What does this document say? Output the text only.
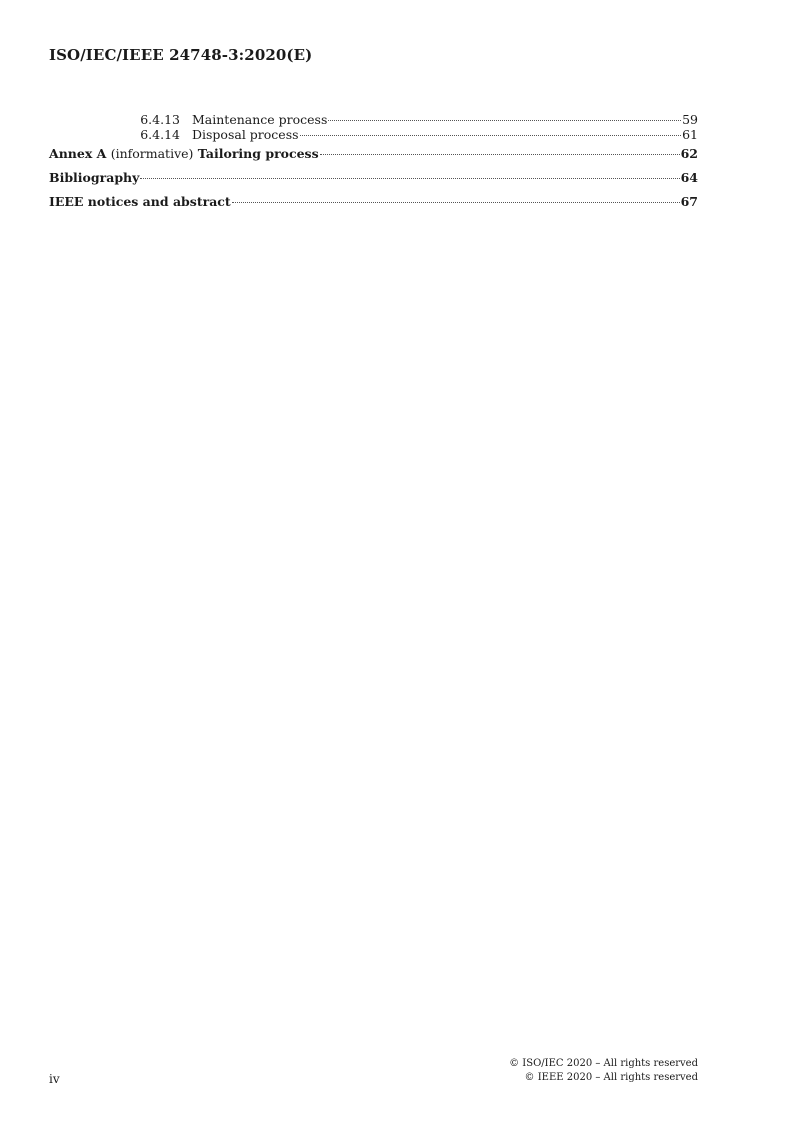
ISO/IEC/IEEE 24748-3:2020(E)
6.4.13 Maintenance process	59
6.4.14 Disposal process	61
Annex A (informative) Tailoring process	62
Bibliography	64
IEEE notices and abstract	67
iv
© ISO/IEC 2020 – All rights reserved
© IEEE 2020 – All rights reserved
